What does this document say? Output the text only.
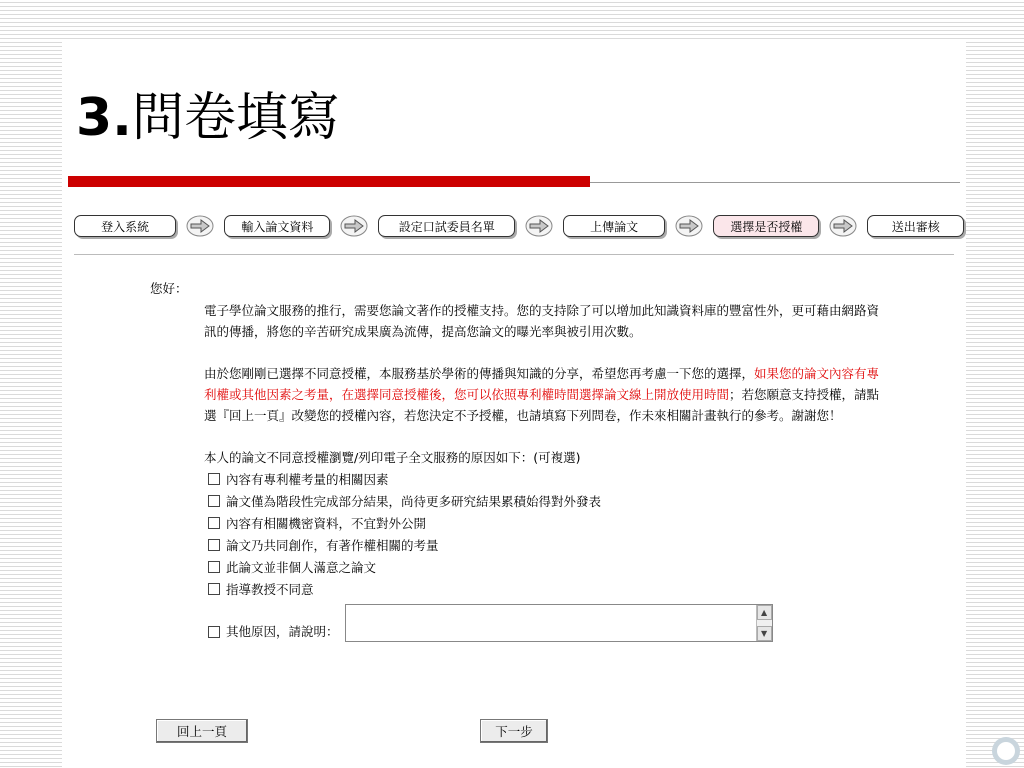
3.問卷填寫
登入系統	輸入論文資料	設定口試委員名單	上傳論文	選擇是否授權	送出審核
您好：

電子學位論文服務的推行，需要您論文著作的授權支持。您的支持除了可以增加此知識資料庫的豐富性外，更可藉由網路資訊的傳播，將您的辛苦研究成果廣為流傳，提高您論文的曝光率與被引用次數。

由於您剛剛已選擇不同意授權，本服務基於學術的傳播與知識的分享，希望您再考慮一下您的選擇，如果您的論文內容有專利權或其他因素之考量，在選擇同意授權後，您可以依照專利權時間選擇論文線上開放使用時間；若您願意支持授權，請點選『回上一頁』改變您的授權內容，若您決定不予授權，也請填寫下列問卷，作未來相關計畫執行的參考。謝謝您！

本人的論文不同意授權瀏覽/列印電子全文服務的原因如下：(可複選)
內容有專利權考量的相關因素
論文僅為階段性完成部分結果，尚待更多研究結果累積始得對外發表
內容有相關機密資料，不宜對外公開
論文乃共同創作，有著作權相關的考量
此論文並非個人滿意之論文
指導教授不同意
其他原因，請說明：
▲
▼
回上一頁	下一步
